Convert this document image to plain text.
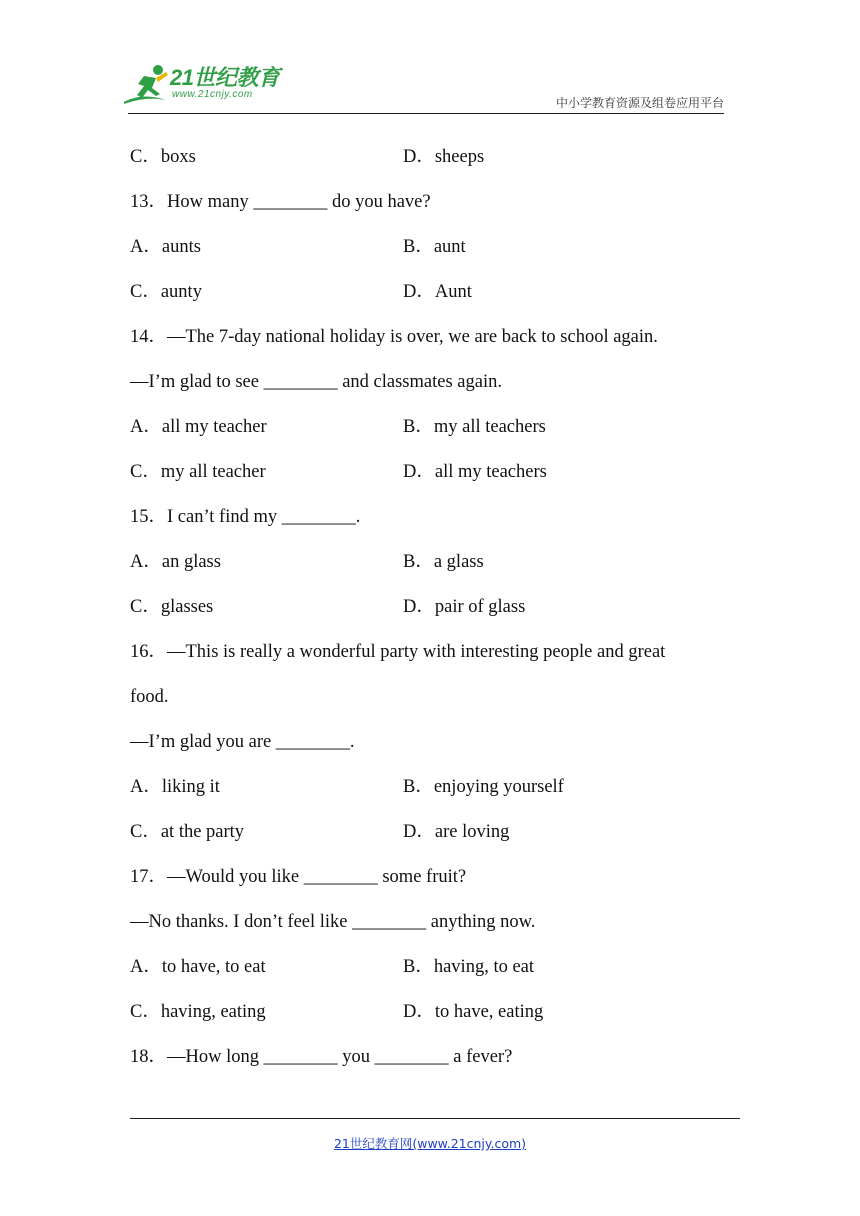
21世纪教育
www.21cnjy.com
中小学教育资源及组卷应用平台
C．boxs	D．sheeps
13．How many ________ do you have?
A．aunts	B．aunt
C．aunty	D．Aunt
14．—The 7-day national holiday is over, we are back to school again.
—I’m glad to see ________ and classmates again.
A．all my teacher	B．my all teachers
C．my all teacher	D．all my teachers
15．I can’t find my ________.
A．an glass	B．a glass
C．glasses	D．pair of glass
16．—This is really a wonderful party with interesting people and great
food.
—I’m glad you are ________.
A．liking it	B．enjoying yourself
C．at the party	D．are loving
17．—Would you like ________ some fruit?
—No thanks. I don’t feel like ________ anything now.
A．to have, to eat	B．having, to eat
C．having, eating	D．to have, eating
18．—How long ________ you ________ a fever?
21世纪教育网(www.21cnjy.com)
